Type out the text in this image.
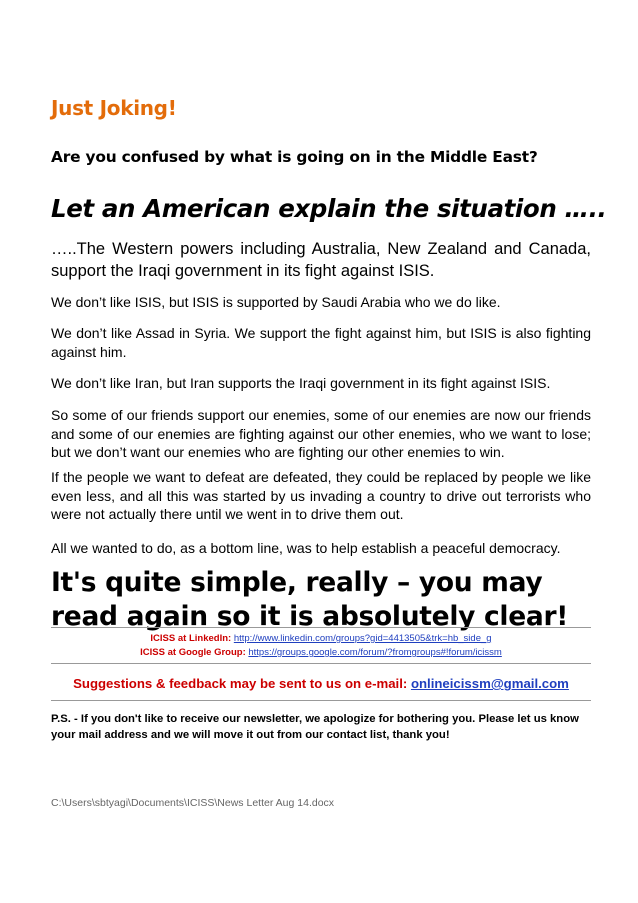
Just Joking!
Are you confused by what is going on in the Middle East?
Let an American explain the situation …..
…..The Western powers including Australia, New Zealand and Canada, support the Iraqi government in its fight against ISIS.
We don’t like ISIS, but ISIS is supported by Saudi Arabia who we do like.
We don’t like Assad in Syria. We support the fight against him, but ISIS is also fighting against him.
We don’t like Iran, but Iran supports the Iraqi government in its fight against ISIS.
So some of our friends support our enemies, some of our enemies are now our friends and some of our enemies are fighting against our other enemies, who we want to lose; but we don’t want our enemies who are fighting our other enemies to win.
If the people we want to defeat are defeated, they could be replaced by people we like even less, and all this was started by us invading a country to drive out terrorists who were not actually there until we went in to drive them out.
All we wanted to do, as a bottom line, was to help establish a peaceful democracy.
It's quite simple, really – you may read again so it is absolutely clear!
ICISS at LinkedIn: http://www.linkedin.com/groups?gid=4413505&trk=hb_side_g
ICISS at Google Group: https://groups.google.com/forum/?fromgroups#!forum/icissm
Suggestions & feedback may be sent to us on e-mail: onlineicissm@gmail.com
P.S. - If you don't like to receive our newsletter, we apologize for bothering you. Please let us know your mail address and we will move it out from our contact list, thank you!
C:\Users\sbtyagi\Documents\ICISS\News Letter Aug 14.docx
